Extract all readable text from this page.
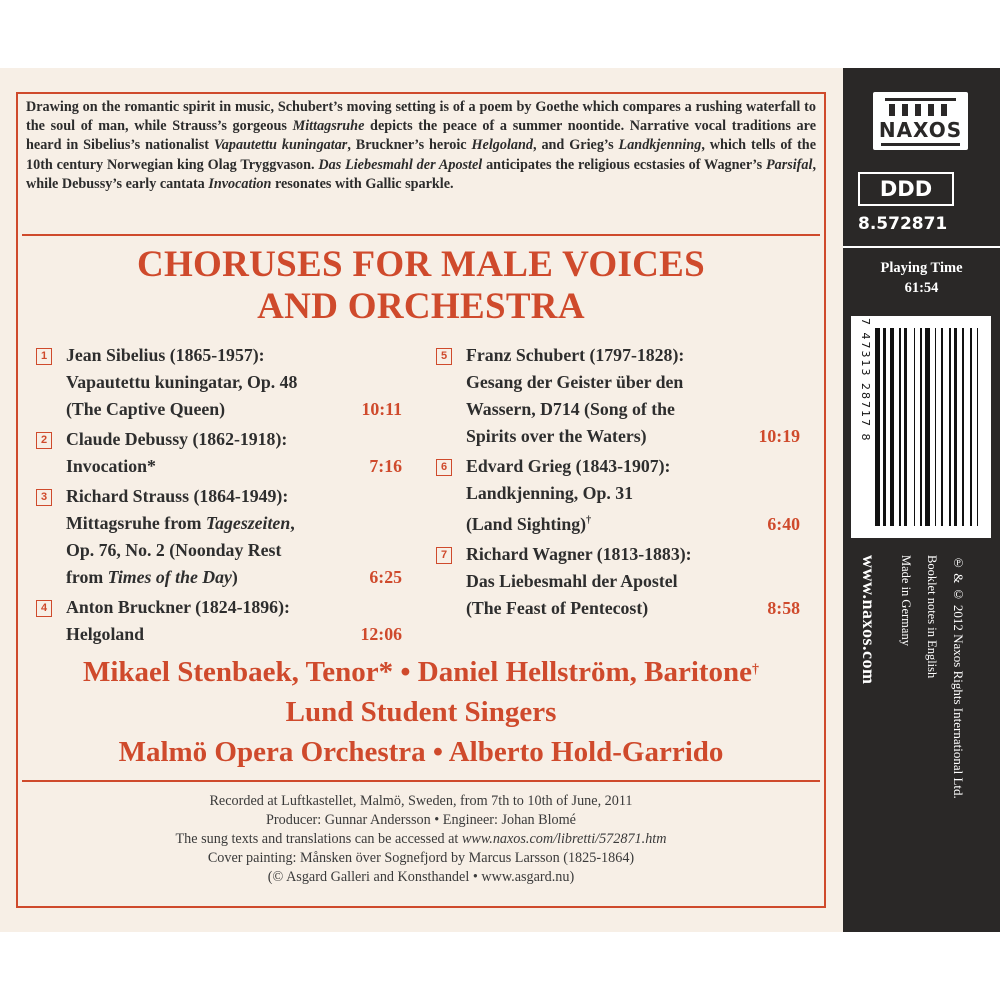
Drawing on the romantic spirit in music, Schubert’s moving setting is of a poem by Goethe which compares a rushing waterfall to the soul of man, while Strauss’s gorgeous Mittagsruhe depicts the peace of a summer noontide. Narrative vocal traditions are heard in Sibelius’s nationalist Vapautettu kuningatar, Bruckner’s heroic Helgoland, and Grieg’s Landkjenning, which tells of the 10th century Norwegian king Olag Tryggvason. Das Liebesmahl der Apostel anticipates the religious ecstasies of Wagner’s Parsifal, while Debussy’s early cantata Invocation resonates with Gallic sparkle.
CHORUSES FOR MALE VOICES
AND ORCHESTRA
1 Jean Sibelius (1865-1957):
Vapautettu kuningatar, Op. 48
(The Captive Queen)	10:11
2 Claude Debussy (1862-1918):
Invocation*	7:16
3 Richard Strauss (1864-1949):
Mittagsruhe from Tageszeiten,
Op. 76, No. 2 (Noonday Rest
from Times of the Day)	6:25
4 Anton Bruckner (1824-1896):
Helgoland	12:06
5 Franz Schubert (1797-1828):
Gesang der Geister über den
Wassern, D714 (Song of the
Spirits over the Waters)	10:19
6 Edvard Grieg (1843-1907):
Landkjenning, Op. 31
(Land Sighting)†	6:40
7 Richard Wagner (1813-1883):
Das Liebesmahl der Apostel
(The Feast of Pentecost)	8:58
Mikael Stenbaek, Tenor* • Daniel Hellström, Baritone†
Lund Student Singers
Malmö Opera Orchestra • Alberto Hold-Garrido
Recorded at Luftkastellet, Malmö, Sweden, from 7th to 10th of June, 2011
Producer: Gunnar Andersson • Engineer: Johan Blomé
The sung texts and translations can be accessed at www.naxos.com/libretti/572871.htm
Cover painting: Månsken över Sognefjord by Marcus Larsson (1825-1864)
(© Asgard Galleri and Konsthandel • www.asgard.nu)
NAXOS
DDD
8.572871
Playing Time
61:54
7 47313 28717 8
www.naxos.com	℗ & © 2012 Naxos Rights International Ltd.
Booklet notes in English
Made in Germany
